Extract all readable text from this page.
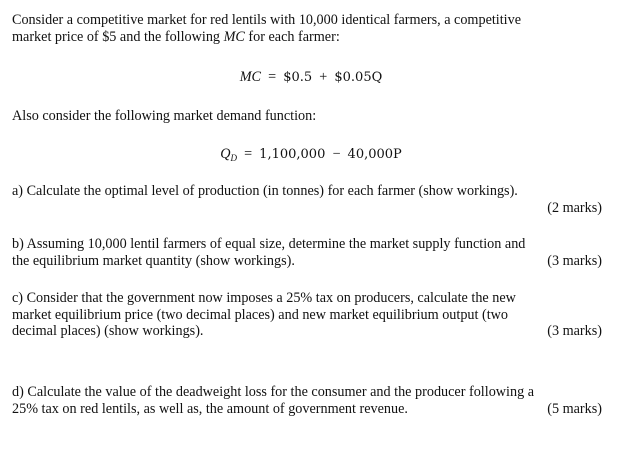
Consider a competitive market for red lentils with 10,000 identical farmers, a competitive
market price of $5 and the following MC for each farmer:
MC = $0.5 + $0.05Q
Also consider the following market demand function:
$Q_D = 1,100,000 - 40,000P$
a) Calculate the optimal level of production (in tonnes) for each farmer (show workings).
(2 marks)

b) Assuming 10,000 lentil farmers of equal size, determine the market supply function and
(3 marks)
the equilibrium market quantity (show workings).
c) Consider that the government now imposes a 25% tax on producers, calculate the new
market equilibrium price (two decimal places) and new market equilibrium output (two
(3 marks)
decimal places) (show workings).
d) Calculate the value of the deadweight loss for the consumer and the producer following a
(5 marks)
25% tax on red lentils, as well as, the amount of government revenue.
